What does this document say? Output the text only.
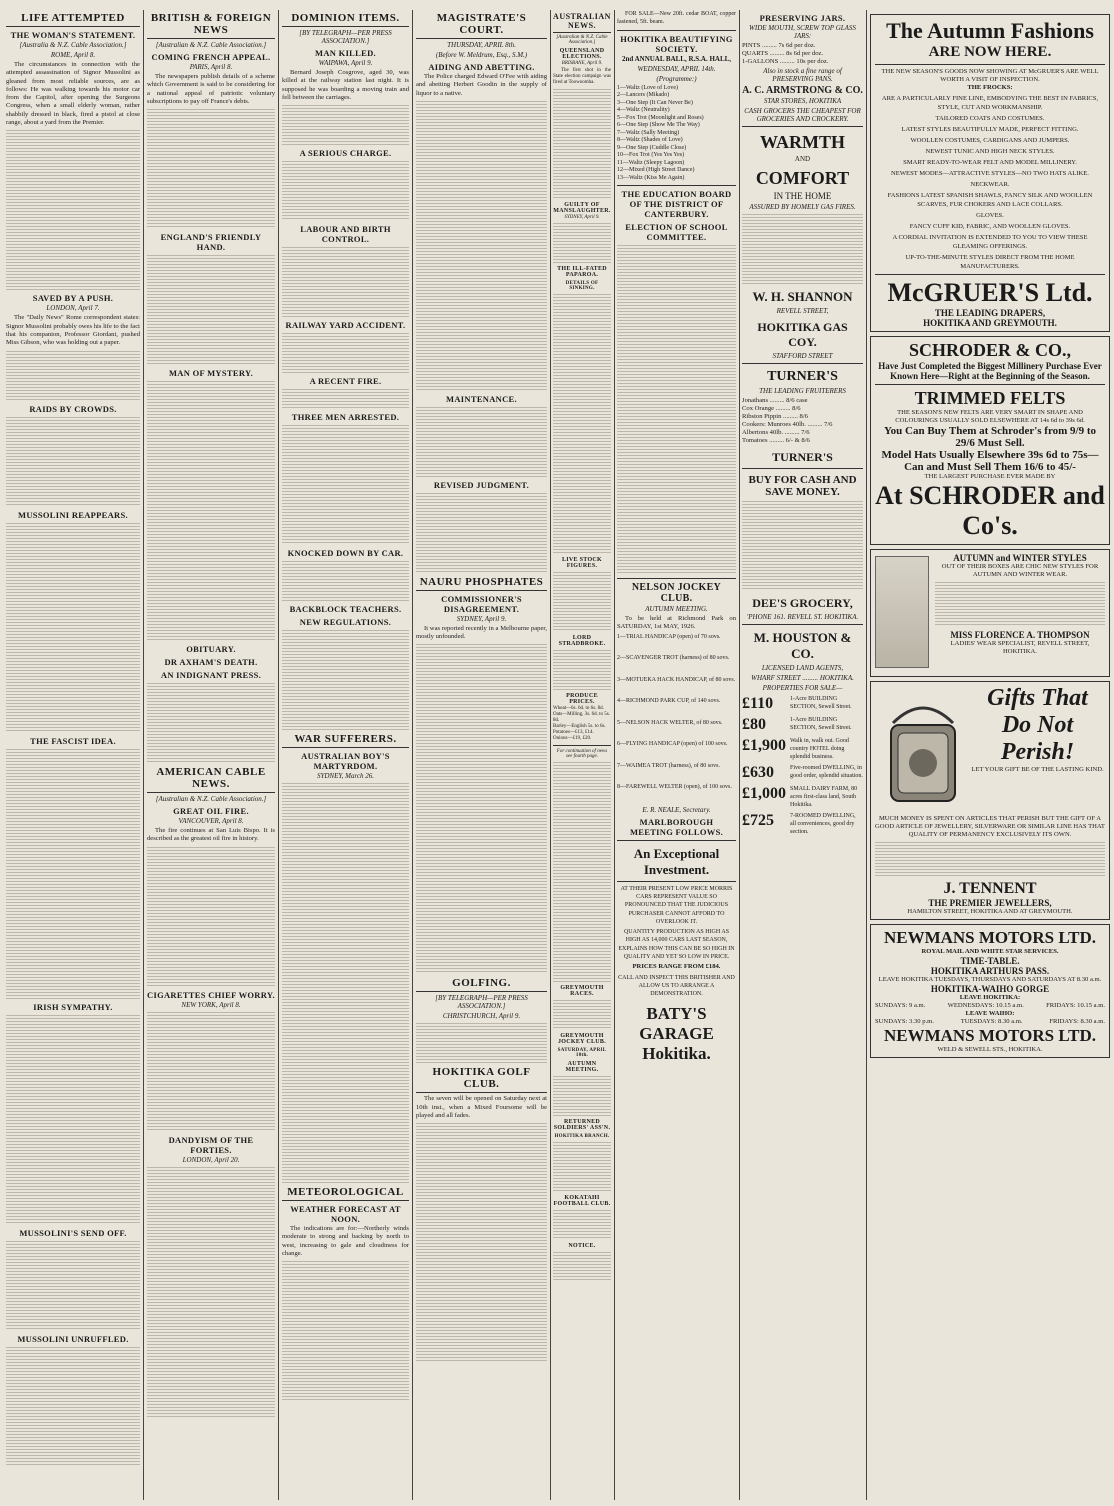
LIFE ATTEMPTED
THE WOMAN'S STATEMENT.
[Australia & N.Z. Cable Association.]
ROME, April 8.

The circumstances in connection with the attempted assassination of Signor Mussolini as gleaned from most reliable sources, are as follows: He was walking towards his motor car from the Capitol, after opening the Surgeons Congress, when a small elderly woman, rather shabbily dressed in black, fired a pistol at close range, about a yard from the Premier.

SAVED BY A PUSH.
LONDON, April 7.

The "Daily News" Rome correspondent states: Signor Mussolini probably owes his life to the fact that his companion, Professor Giordani, pushed Miss Gibson, who was holding out a paper.

RAIDS BY CROWDS.
MUSSOLINI REAPPEARS.
THE FASCIST IDEA.
IRISH SYMPATHY.
MUSSOLINI'S SEND OFF.
MUSSOLINI UNRUFFLED.
BRITISH & FOREIGN NEWS
[Australian & N.Z. Cable Association.]
COMING FRENCH APPEAL.
PARIS, April 8.

The newspapers publish details of a scheme which Government is said to be considering for a national appeal of patriotic voluntary subscriptions to pay off France's debts.

ENGLAND'S FRIENDLY HAND.
MAN OF MYSTERY.
OBITUARY.
DR AXHAM'S DEATH.
AN INDIGNANT PRESS.
AMERICAN CABLE NEWS.
[Australian & N.Z. Cable Association.]
GREAT OIL FIRE.
VANCOUVER, April 8.

The fire continues at San Luis Bispo. It is described as the greatest oil fire in history.

CIGARETTES CHIEF WORRY.
NEW YORK, April 8.
DANDYISM OF THE FORTIES.
LONDON, April 20.
DOMINION ITEMS.
[BY TELEGRAPH—PER PRESS ASSOCIATION.]
MAN KILLED.
WAIPAWA, April 9.

Bernard Joseph Cosgrove, aged 30, was killed at the railway station last night. It is supposed he was boarding a moving train and fell between the carriages.

A SERIOUS CHARGE.
LABOUR AND BIRTH CONTROL.
RAILWAY YARD ACCIDENT.
A RECENT FIRE.
THREE MEN ARRESTED.
KNOCKED DOWN BY CAR.
BACKBLOCK TEACHERS.
NEW REGULATIONS.
WAR SUFFERERS.
AUSTRALIAN BOY'S MARTYRDOM.
SYDNEY, March 26.
METEOROLOGICAL
WEATHER FORECAST AT NOON.

The indications are for:—Northerly winds moderate to strong and backing by north to west, increasing to gale and cloudiness for change.

MAGISTRATE'S COURT.
THURSDAY, APRIL 8th.
(Before W. Meldrum, Esq., S.M.)
AIDING AND ABETTING.

The Police charged Edward O'Fee with aiding and abetting Herbert Goodin in the supply of liquor to a native.

MAINTENANCE.
REVISED JUDGMENT.
NAURU PHOSPHATES
COMMISSIONER'S DISAGREEMENT.
SYDNEY, April 9.

It was reported recently in a Melbourne paper, mostly unfounded.

GOLFING.
[BY TELEGRAPH—PER PRESS ASSOCIATION.]
CHRISTCHURCH, April 9.
HOKITIKA GOLF CLUB.

The seven will be opened on Saturday next at 10th inst., when a Mixed Foursome will be played and all fades.

AUSTRALIAN NEWS.
[Australian & N.Z. Cable Association.]
QUEENSLAND ELECTIONS.
BRISBANE, April 9.

The first shot in the State election campaign was fired at Toowoomba.

GUILTY OF MANSLAUGHTER.
SYDNEY, April 9.
THE ILL-FATED PAPAROA.
DETAILS OF SINKING.
LIVE STOCK FIGURES.
LORD STRADBROKE.
PRODUCE PRICES.
Wheat—6s. 6d. to 6s. 8d.
Oats—Milling, 3s. 6d. to 5s. 8d.
Barley—English 5s. to 6s.
Potatoes—£13, £14.
Onions—£19, £20.
For continuation of news see fourth page.
GREYMOUTH RACES.
GREYMOUTH JOCKEY CLUB.
SATURDAY, APRIL 10th.
AUTUMN MEETING.
RETURNED SOLDIERS' ASS'N.
HOKITIKA BRANCH.
KOKATAHI FOOTBALL CLUB.
NOTICE.

FOR SALE—New 20ft. cedar BOAT, copper fastened, 5ft. beam.

HOKITIKA BEAUTIFYING SOCIETY.
2nd ANNUAL BALL, R.S.A. HALL,
WEDNESDAY, APRIL 14th.
(Programme:)
1—Waltz (Love of Love)
2—Lancers (Mikado)
3—One Step (It Can Never Be)
4—Waltz (Neutrality)
5—Fox Trot (Moonlight and Roses)
6—One Step (Show Me The Way)
7—Waltz (Sally Meeting)
8—Waltz (Shades of Love)
9—One Step (Cuddle Close)
10—Fox Trot (Yes Yes Yes)
11—Waltz (Sleepy Lagoon)
12—Mixed (High Street Dance)
13—Waltz (Kiss Me Again)
THE EDUCATION BOARD OF THE DISTRICT OF CANTERBURY.
ELECTION OF SCHOOL COMMITTEE.
NELSON JOCKEY CLUB.
AUTUMN MEETING.

To be held at Richmond Park on SATURDAY, 1st MAY, 1926.

1—TRIAL HANDICAP (open) of 70 sovs.
2—SCAVENGER TROT (harness) of 80 sovs.
3—MOTUEKA HACK HANDICAP, of 80 sovs.
4—RICHMOND PARK CUP, of 140 sovs.
5—NELSON HACK WELTER, of 80 sovs.
6—FLYING HANDICAP (open) of 100 sovs.
7—WAIMEA TROT (harness), of 80 sovs.
8—FAREWELL WELTER (open), of 100 sovs.
E. R. NEALE, Secretary.
MARLBOROUGH MEETING FOLLOWS.
An Exceptional Investment.

AT THEIR PRESENT LOW PRICE MORRIS CARS REPRESENT VALUE SO PRONOUNCED THAT THE JUDICIOUS PURCHASER CANNOT AFFORD TO OVERLOOK IT.

QUANTITY PRODUCTION AS HIGH AS HIGH AS 14,000 CARS LAST SEASON, EXPLAINS HOW THIS CAN BE SO HIGH IN QUALITY AND YET SO LOW IN PRICE.

PRICES RANGE FROM £184.

CALL AND INSPECT THIS BRITISHER AND ALLOW US TO ARRANGE A DEMONSTRATION.

BATY'S GARAGE Hokitika.
PRESERVING JARS.
WIDE MOUTH, SCREW TOP GLASS JARS:
PINTS ......... 7s 6d per doz.
QUARTS ......... 8s 6d per doz.
1-GALLONS ......... 10s per doz.
Also in stock a fine range of PRESERVING PANS.
A. C. ARMSTRONG & CO.
STAR STORES, HOKITIKA
CASH GROCERS THE CHEAPEST FOR GROCERIES AND CROCKERY.
WARMTH
AND
COMFORT
IN THE HOME
ASSURED BY HOMELY GAS FIRES.
W. H. SHANNON
REVELL STREET,
HOKITIKA GAS COY.
STAFFORD STREET
TURNER'S
THE LEADING FRUITERERS
Jonathans ......... 8/6 case
Cox Orange ......... 8/6
Ribston Pippin ......... 8/6
Cookers: Munroes 40lb. ......... 7/6
Albertons 40lb. ......... 7/6
Tomatoes ......... 6/- & 8/6
TURNER'S
BUY FOR CASH AND SAVE MONEY.
DEE'S GROCERY,
'PHONE 161. REVELL ST. HOKITIKA.
M. HOUSTON & CO.
LICENSED LAND AGENTS,
WHARF STREET ......... HOKITIKA.
PROPERTIES FOR SALE—
£110	1-Acre BUILDING SECTION, Sewell Street.
£80	1-Acre BUILDING SECTION, Sewell Street.
£1,900 Walk in, walk out. Good country HOTEL doing splendid business.
£630	Five-roomed DWELLING, in good order, splendid situation.
£1,000 SMALL DAIRY FARM, 80 acres first-class land, South Hokitika.
£725	7-ROOMED DWELLING, all conveniences, good dry section.
The Autumn Fashions
ARE NOW HERE.
THE NEW SEASON'S GOODS NOW SHOWING AT McGRUER'S ARE WELL WORTH A VISIT OF INSPECTION.
THE FROCKS:
ARE A PARTICULARLY FINE LINE, EMBODYING THE BEST IN FABRICS, STYLE, CUT AND WORKMANSHIP.
TAILORED COATS AND COSTUMES.
LATEST STYLES BEAUTIFULLY MADE, PERFECT FITTING.
WOOLLEN COSTUMES, CARDIGANS AND JUMPERS.
NEWEST TUNIC AND HIGH NECK STYLES.
SMART READY-TO-WEAR FELT AND MODEL MILLINERY.
NEWEST MODES—ATTRACTIVE STYLES—NO TWO HATS ALIKE.
NECKWEAR.
FASHIONS LATEST SPANISH SHAWLS, FANCY SILK AND WOOLLEN SCARVES, FUR CHOKERS AND LACE COLLARS.
GLOVES.
FANCY CUFF KID, FABRIC, AND WOOLLEN GLOVES.
A CORDIAL INVITATION IS EXTENDED TO YOU TO VIEW THESE GLEAMING OFFERINGS.
UP-TO-THE-MINUTE STYLES DIRECT FROM THE HOME MANUFACTURERS.
McGRUER'S Ltd.
THE LEADING DRAPERS,
HOKITIKA AND GREYMOUTH.
SCHRODER & CO.,
Have Just Completed the Biggest Millinery Purchase Ever Known Here—Right at the Beginning of the Season.
TRIMMED FELTS
THE SEASON'S NEW FELTS ARE VERY SMART IN SHAPE AND COLOURINGS USUALLY SOLD ELSEWHERE AT 14s 6d to 39s 6d.
You Can Buy Them at Schroder's from 9/9 to 29/6 Must Sell.
Model Hats Usually Elsewhere 39s 6d to 75s—Can and Must Sell Them 16/6 to 45/-
THE LARGEST PURCHASE EVER MADE BY
At SCHRODER and Co's.
AUTUMN and WINTER STYLES
OUT OF THEIR BOXES ARE CHIC NEW STYLES FOR AUTUMN AND WINTER WEAR.
MISS FLORENCE A. THOMPSON
LADIES' WEAR SPECIALIST, REVELL STREET, HOKITIKA.
Gifts That
Do Not
Perish!
LET YOUR GIFT BE OF THE LASTING KIND.
MUCH MONEY IS SPENT ON ARTICLES THAT PERISH BUT THE GIFT OF A GOOD ARTICLE OF JEWELLERY, SILVERWARE OR SIMILAR LINE HAS THAT QUALITY OF PERMANENCY EXCLUSIVELY ITS OWN.
J. TENNENT
THE PREMIER JEWELLERS,
HAMILTON STREET, HOKITIKA AND AT GREYMOUTH.
NEWMANS MOTORS LTD.
ROYAL MAIL AND WHITE STAR SERVICES.
TIME-TABLE.
HOKITIKA ARTHURS PASS.
LEAVE HOKITIKA TUESDAYS, THURSDAYS AND SATURDAYS AT 8.30 a.m.
HOKITIKA-WAIHO GORGE
LEAVE HOKITIKA:
SUNDAYS: 9 a.m.	WEDNESDAYS: 10.15 a.m.	FRIDAYS: 10.15 a.m.
LEAVE WAIHO:
SUNDAYS: 3.30 p.m.	TUESDAYS: 8.30 a.m.	FRIDAYS: 8.30 a.m.
NEWMANS MOTORS LTD.
WELD & SEWELL STS., HOKITIKA.
